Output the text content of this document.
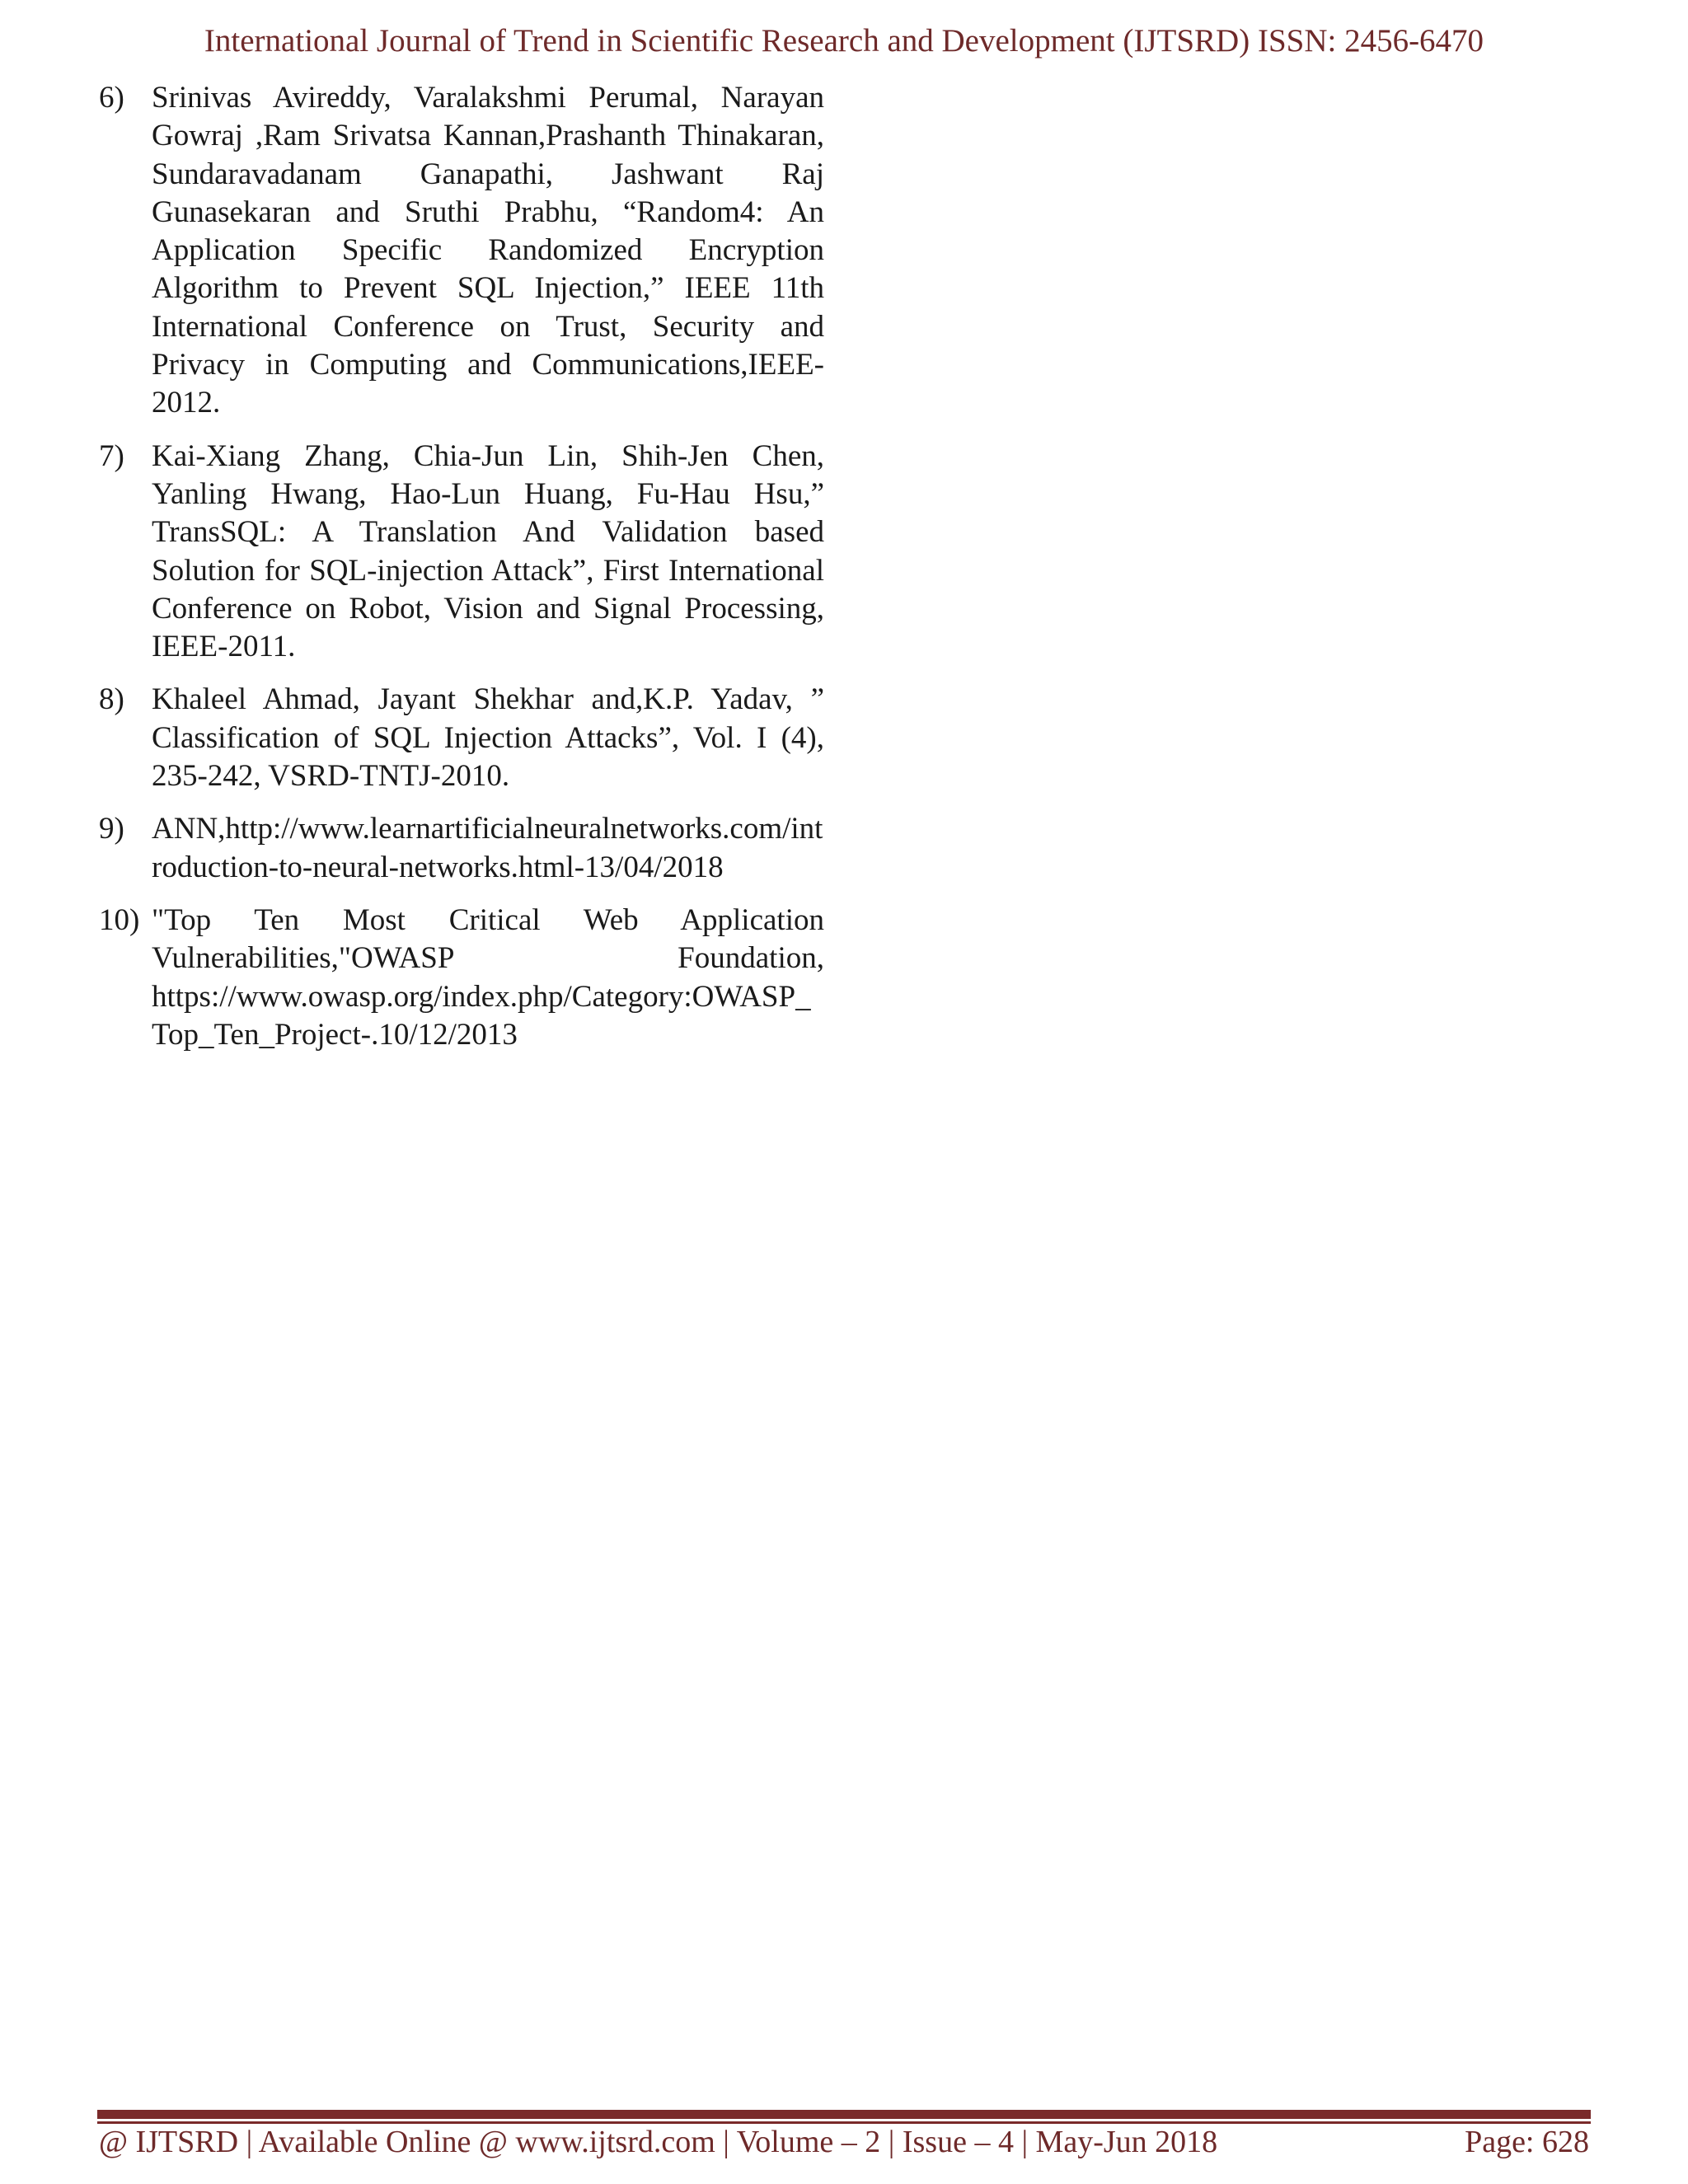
International Journal of Trend in Scientific Research and Development (IJTSRD) ISSN: 2456-6470
6) Srinivas Avireddy, Varalakshmi Perumal, Narayan Gowraj ,Ram Srivatsa Kannan,Prashanth Thinakaran, Sundaravadanam Ganapathi, Jashwant Raj Gunasekaran and Sruthi Prabhu, “Random4: An Application Specific Randomized Encryption Algorithm to Prevent SQL Injection,” IEEE 11th International Conference on Trust, Security and Privacy in Computing and Communications,IEEE-2012.
7) Kai-Xiang Zhang, Chia-Jun Lin, Shih-Jen Chen, Yanling Hwang, Hao-Lun Huang, Fu-Hau Hsu,” TransSQL: A Translation And Validation based Solution for SQL-injection Attack”, First International Conference on Robot, Vision and Signal Processing, IEEE-2011.
8) Khaleel Ahmad, Jayant Shekhar and,K.P. Yadav, ” Classification of SQL Injection Attacks”, Vol. I (4), 235-242, VSRD-TNTJ-2010.
9) ANN,http://www.learnartificialneuralnetworks.com/introduction-to-neural-networks.html-13/04/2018
10) "Top Ten Most Critical Web Application Vulnerabilities,"OWASP Foundation, https://www.owasp.org/index.php/Category:OWASP_Top_Ten_Project-.10/12/2013
@ IJTSRD | Available Online @ www.ijtsrd.com | Volume – 2 | Issue – 4 | May-Jun 2018	Page: 628
